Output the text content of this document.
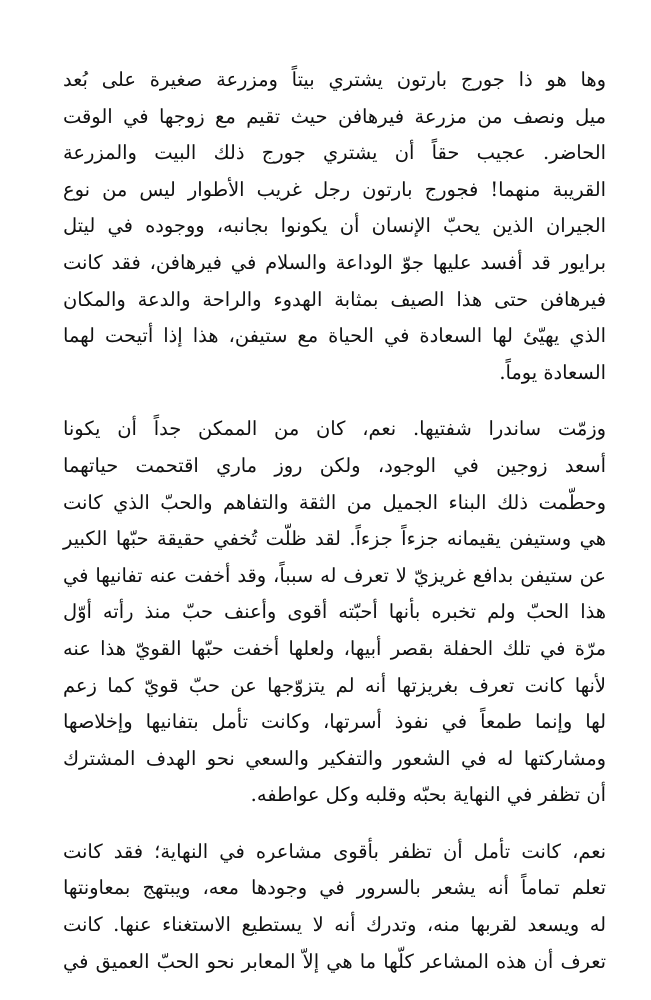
وها هو ذا جورج بارتون يشتري بيتاً ومزرعة صغيرة على بُعد
ميل ونصف من مزرعة فيرهافن حيث تقيم مع زوجها في الوقت
الحاضر. عجيب حقاً أن يشتري جورج ذلك البيت والمزرعة
القريبة منهما! فجورج بارتون رجل غريب الأطوار ليس من نوع
الجيران الذين يحبّ الإنسان أن يكونوا بجانبه، ووجوده في ليتل
برايور قد أفسد عليها جوّ الوداعة والسلام في فيرهافن، فقد كانت
فيرهافن حتى هذا الصيف بمثابة الهدوء والراحة والدعة والمكان
الذي يهيّئ لها السعادة في الحياة مع ستيفن، هذا إذا أتيحت لهما
السعادة يوماً.
وزمّت ساندرا شفتيها. نعم، كان من الممكن جداً أن يكونا
أسعد زوجين في الوجود، ولكن روز ماري اقتحمت حياتهما
وحطّمت ذلك البناء الجميل من الثقة والتفاهم والحبّ الذي كانت
هي وستيفن يقيمانه جزءاً جزءاً. لقد ظلّت تُخفي حقيقة حبّها الكبير
عن ستيفن بدافع غريزيّ لا تعرف له سبباً، وقد أخفت عنه تفانيها في
هذا الحبّ ولم تخبره بأنها أحبّته أقوى وأعنف حبّ منذ رأته أوّل
مرّة في تلك الحفلة بقصر أبيها، ولعلها أخفت حبّها القويّ هذا عنه
لأنها كانت تعرف بغريزتها أنه لم يتزوّجها عن حبّ قويّ كما زعم
لها وإنما طمعاً في نفوذ أسرتها، وكانت تأمل بتفانيها وإخلاصها
ومشاركتها له في الشعور والتفكير والسعي نحو الهدف المشترك
أن تظفر في النهاية بحبّه وقلبه وكل عواطفه.
نعم، كانت تأمل أن تظفر بأقوى مشاعره في النهاية؛ فقد كانت
تعلم تماماً أنه يشعر بالسرور في وجودها معه، ويبتهج بمعاونتها
له ويسعد لقربها منه، وتدرك أنه لا يستطيع الاستغناء عنها. كانت
تعرف أن هذه المشاعر كلّها ما هي إلاّ المعابر نحو الحبّ العميق في
